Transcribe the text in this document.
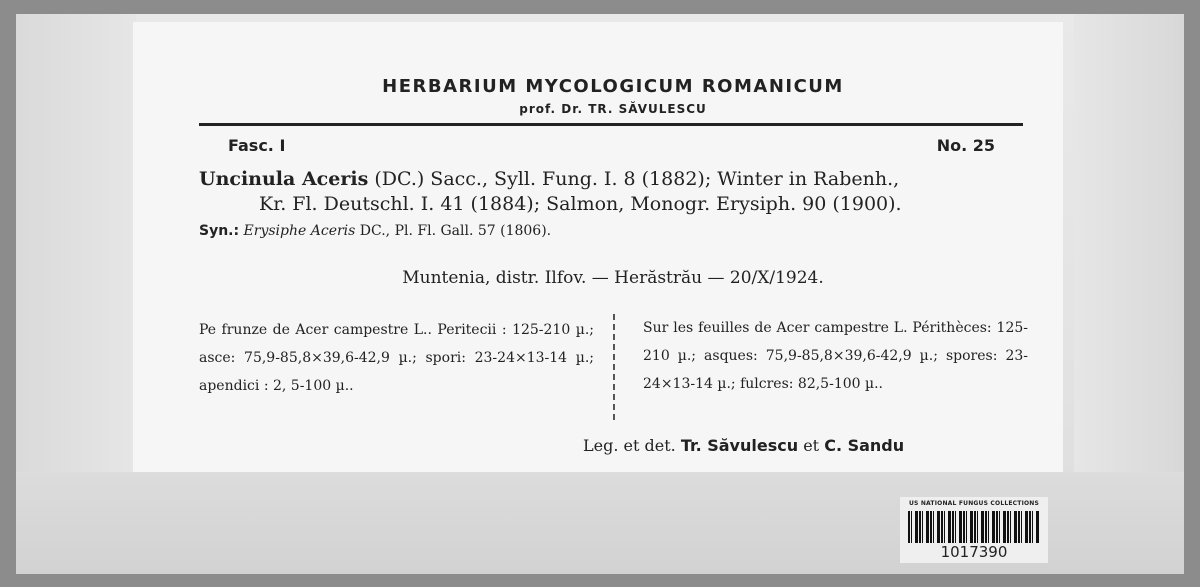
HERBARIUM MYCOLOGICUM ROMANICUM
prof. Dr. TR. SĂVULESCU
Fasc. I	No. 25
Uncinula Aceris (DC.) Sacc., Syll. Fung. I. 8 (1882); Winter in Rabenh.,
Kr. Fl. Deutschl. I. 41 (1884); Salmon, Monogr. Erysiph. 90 (1900).
Syn.: Erysiphe Aceris DC., Pl. Fl. Gall. 57 (1806).
Muntenia, distr. Ilfov. — Herăstrău — 20/X/1924.
Pe frunze de Acer campestre L.. Peritecii : 125-210 µ.; asce: 75,9-85,8×39,6-42,9 µ.; spori: 23-24×13-14 µ.; apendici : 2, 5-100 µ..
Sur les feuilles de Acer campestre L. Périthèces: 125-210 µ.; asques: 75,9-85,8×39,6-42,9 µ.; spores: 23-24×13-14 µ.; fulcres: 82,5-100 µ..
Leg. et det. Tr. Săvulescu et C. Sandu
US NATIONAL FUNGUS COLLECTIONS
1017390
